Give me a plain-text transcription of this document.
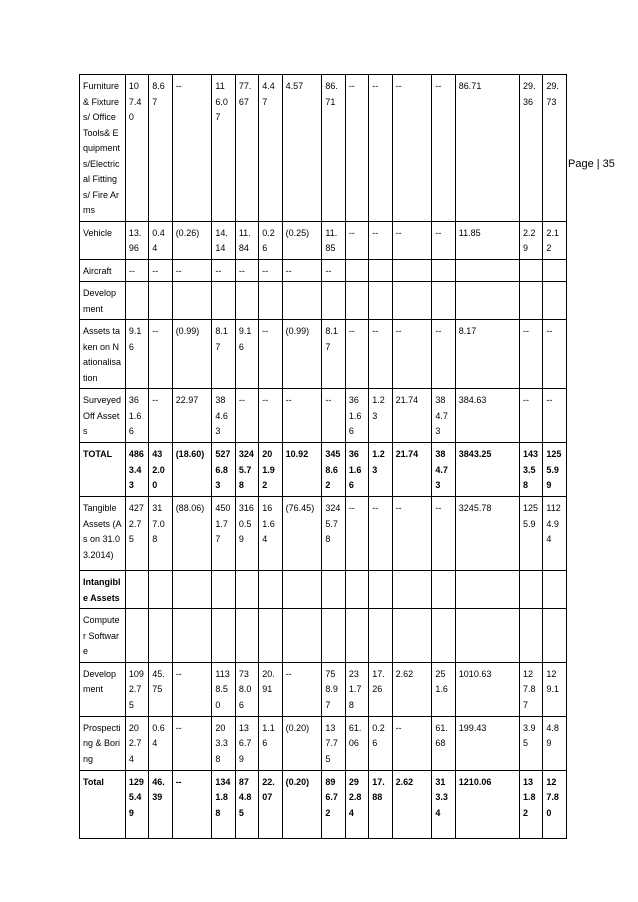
Furniture & Fixtures/ Office Tools& Equipments/Electrical Fittings/ Fire Arms	107.40	8.67	--	116.07	77.67	4.47	4.57	86.71	--	--	--	--	86.71	29.36	29.73
Vehicle	13.96	0.44	(0.26)	14.14	11.84	0.26	(0.25)	11.85	--	--	--	--	11.85	2.29	2.12
Aircraft	--	--	--	--	--	--	--	--							
Development															
Assets taken on Nationalisation	9.16	--	(0.99)	8.17	9.16	--	(0.99)	8.17	--	--	--	--	8.17	--	--
Surveyed Off Assets	361.66	--	22.97	384.63	--	--	--	--	361.66	1.23	21.74	384.73	384.63	--	--
TOTAL	4863.43	432.00	(18.60)	5276.83	3245.78	201.92	10.92	3458.62	361.66	1.23	21.74	384.73	3843.25	1433.58	1255.99
Tangible Assets (As on 31.03.2014)	4272.75	317.08	(88.06)	4501.77	3160.59	161.64	(76.45)	3245.78	--	--	--	--	3245.78	1255.9	1124.94
Intangible Assets															
Computer Software															
Development	1092.75	45.75	--	1138.50	738.06	20.91	--	758.97	231.78	17.26	2.62	251.6	1010.63	127.87	129.1
Prospecting & Boring	202.74	0.64	--	203.38	136.79	1.16	(0.20)	137.75	61.06	0.26	--	61.68	199.43	3.95	4.89
Total	1295.49	46.39	--	1341.88	874.85	22.07	(0.20)	896.72	292.84	17.88	2.62	313.34	1210.06	131.82	127.80
Page | 35
